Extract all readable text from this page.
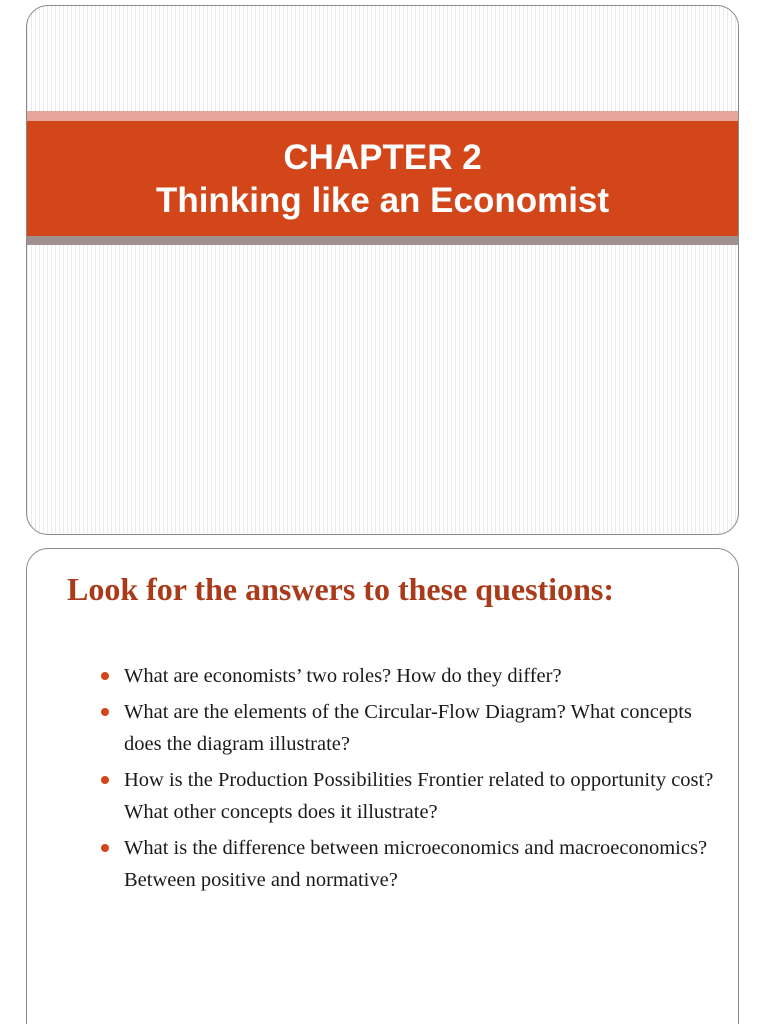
CHAPTER 2
Thinking like an Economist
Look for the answers to these questions:
What are economists’ two roles? How do they differ?
What are the elements of the Circular-Flow Diagram? What concepts does the diagram illustrate?
How is the Production Possibilities Frontier related to opportunity cost? What other concepts does it illustrate?
What is the difference between microeconomics and macroeconomics? Between positive and normative?
